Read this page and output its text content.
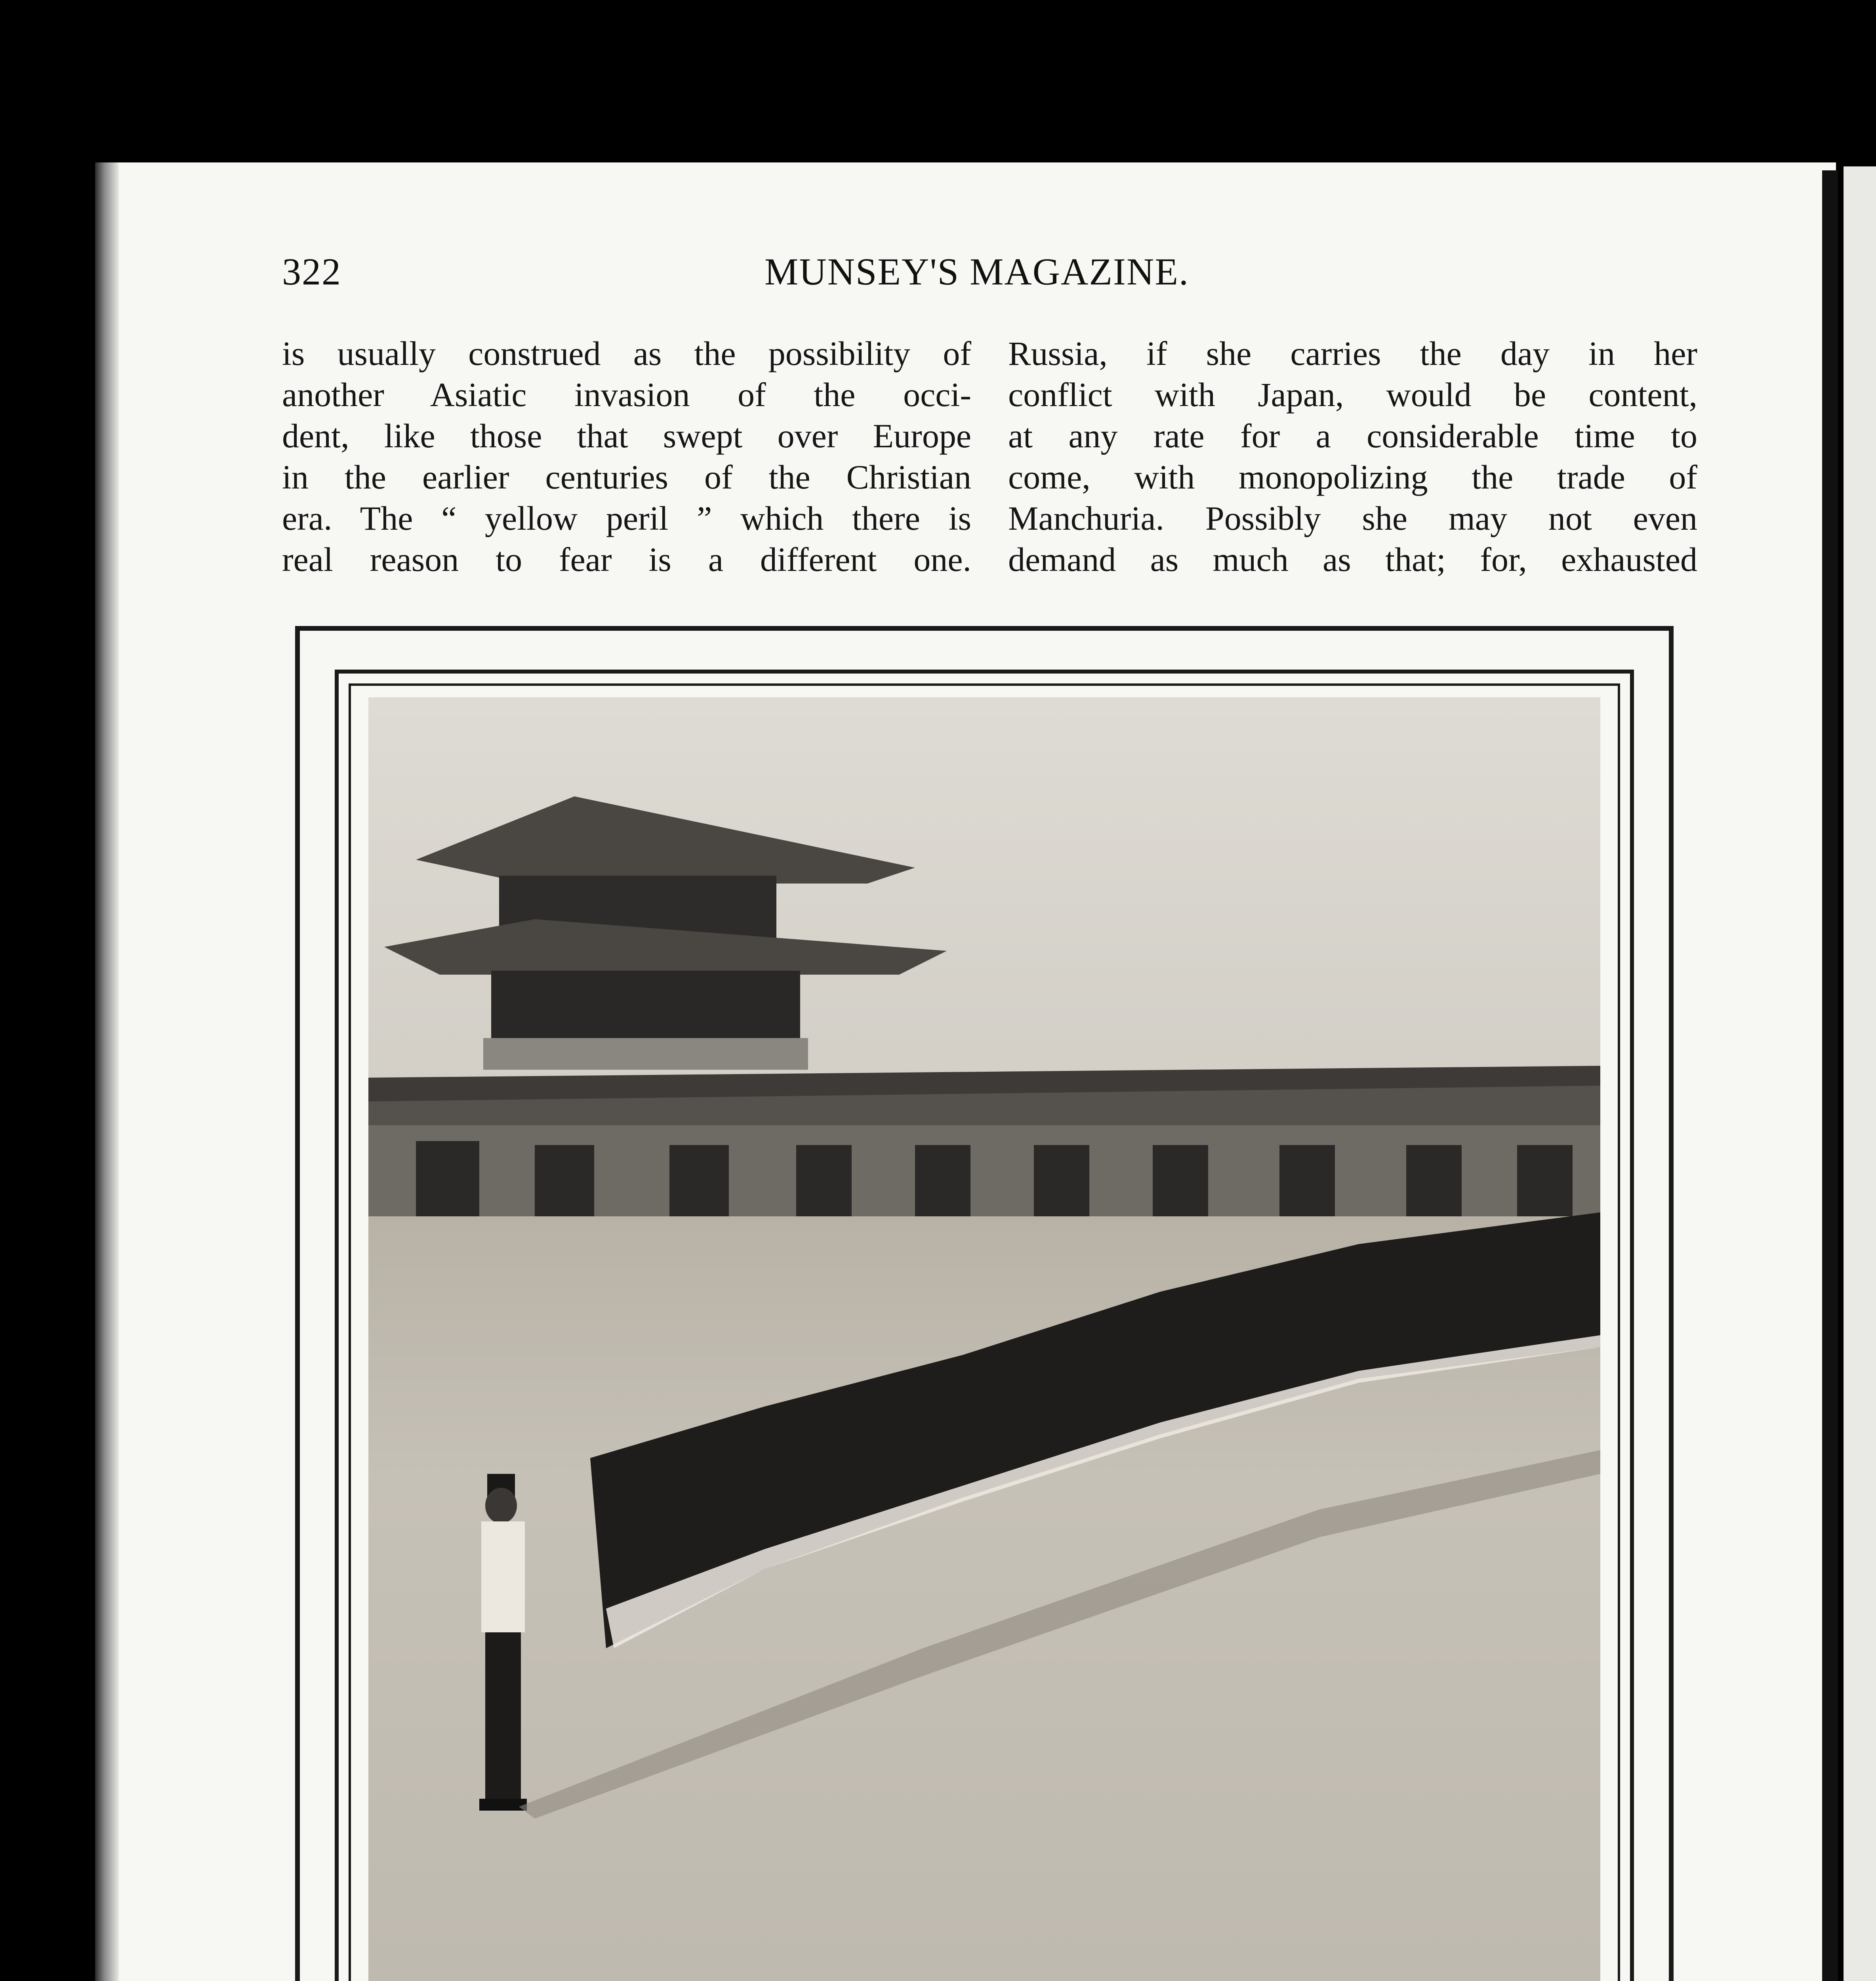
322	MUNSEY'S MAGAZINE.
is usually construed as the possibility of
another Asiatic invasion of the occi-
dent, like those that swept over Europe
in the earlier centuries of the Christian
era. The “ yellow peril ” which there is
real reason to fear is a different one.
Russia, if she carries the day in her
conflict with Japan, would be content,
at any rate for a considerable time to
come, with monopolizing the trade of
Manchuria. Possibly she may not even
demand as much as that; for, exhausted
